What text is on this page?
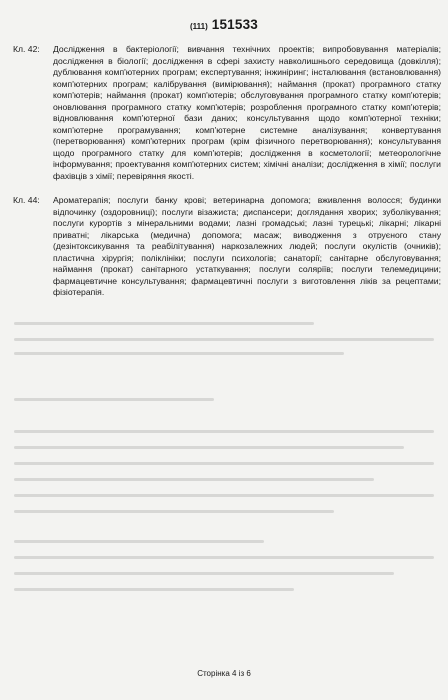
(111) 151533
Кл. 42:	Дослідження в бактеріології; вивчання технічних проектів; випробовування матеріалів; дослідження в біології; дослідження в сфері захисту навколишнього середовища (довкілля); дублювання комп'ютерних програм; експертування; інжиніринг; інсталювання (встановлювання) комп'ютерних програм; калібрування (вимірювання); наймання (прокат) програмного статку комп'ютерів; наймання (прокат) комп'ютерів; обслуговування програмного статку комп'ютерів; оновлювання програмного статку комп'ютерів; розроблення програмного статку комп'ютерів; відновлювання комп'ютерної бази даних; консультування щодо комп'ютерної техніки; комп'ютерне програмування; комп'ютерне системне аналізування; конвертування (перетворювання) комп'ютерних програм (крім фізичного перетворювання); консультування щодо програмного статку для комп'ютерів; дослідження в косметології; метеорологічне інформування; проектування комп'ютерних систем; хімічні аналізи; дослідження в хімії; послуги фахівців з хімії; перевіряння якості.
Кл. 44:	Ароматерапія; послуги банку крові; ветеринарна допомога; вживлення волосся; будинки відпочинку (оздоровниці); послуги візажиста; диспансери; доглядання хворих; зуболікування; послуги курортів з мінеральними водами; лазні громадські; лазні турецькі; лікарні; лікарні приватні; лікарська (медична) допомога; масаж; виводження з отруєного стану (дезінтоксикування та реабілітування) наркозалежних людей; послуги окулістів (очників); пластична хірургія; поліклініки; послуги психологів; санаторії; санітарне обслуговування; наймання (прокат) санітарного устаткування; послуги соляріїв; послуги телемедицини; фармацевтичне консультування; фармацевтичні послуги з виготовлення ліків за рецептами; фізіотерапія.
Сторінка 4 із 6
